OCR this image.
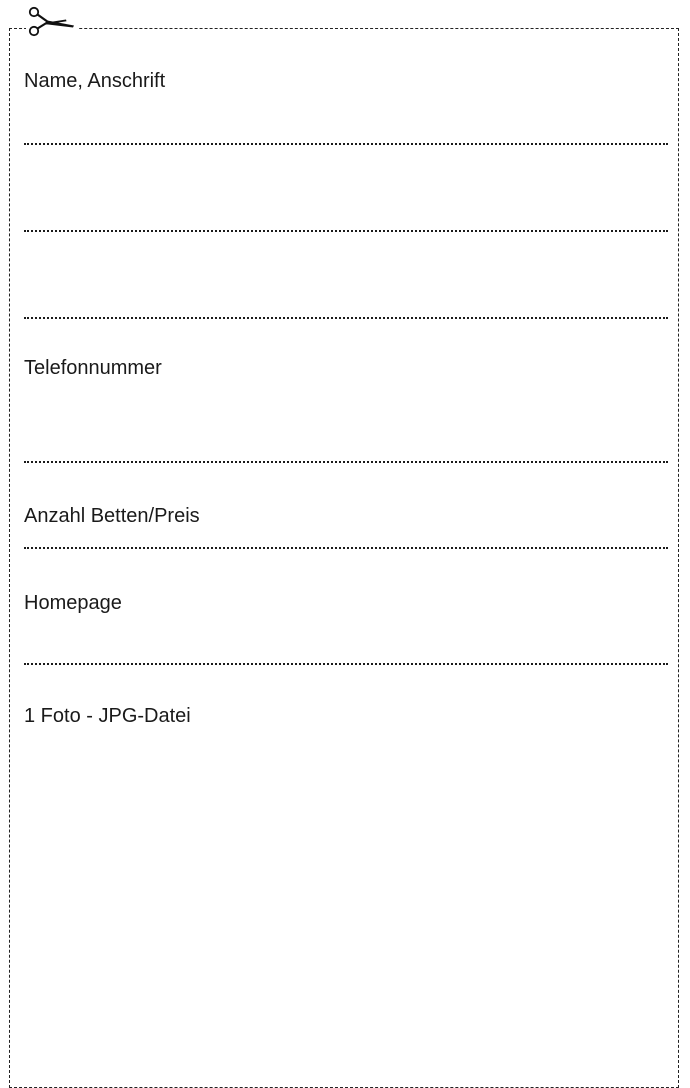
Name, Anschrift
Telefonnummer
Anzahl Betten/Preis
Homepage
1 Foto - JPG-Datei
